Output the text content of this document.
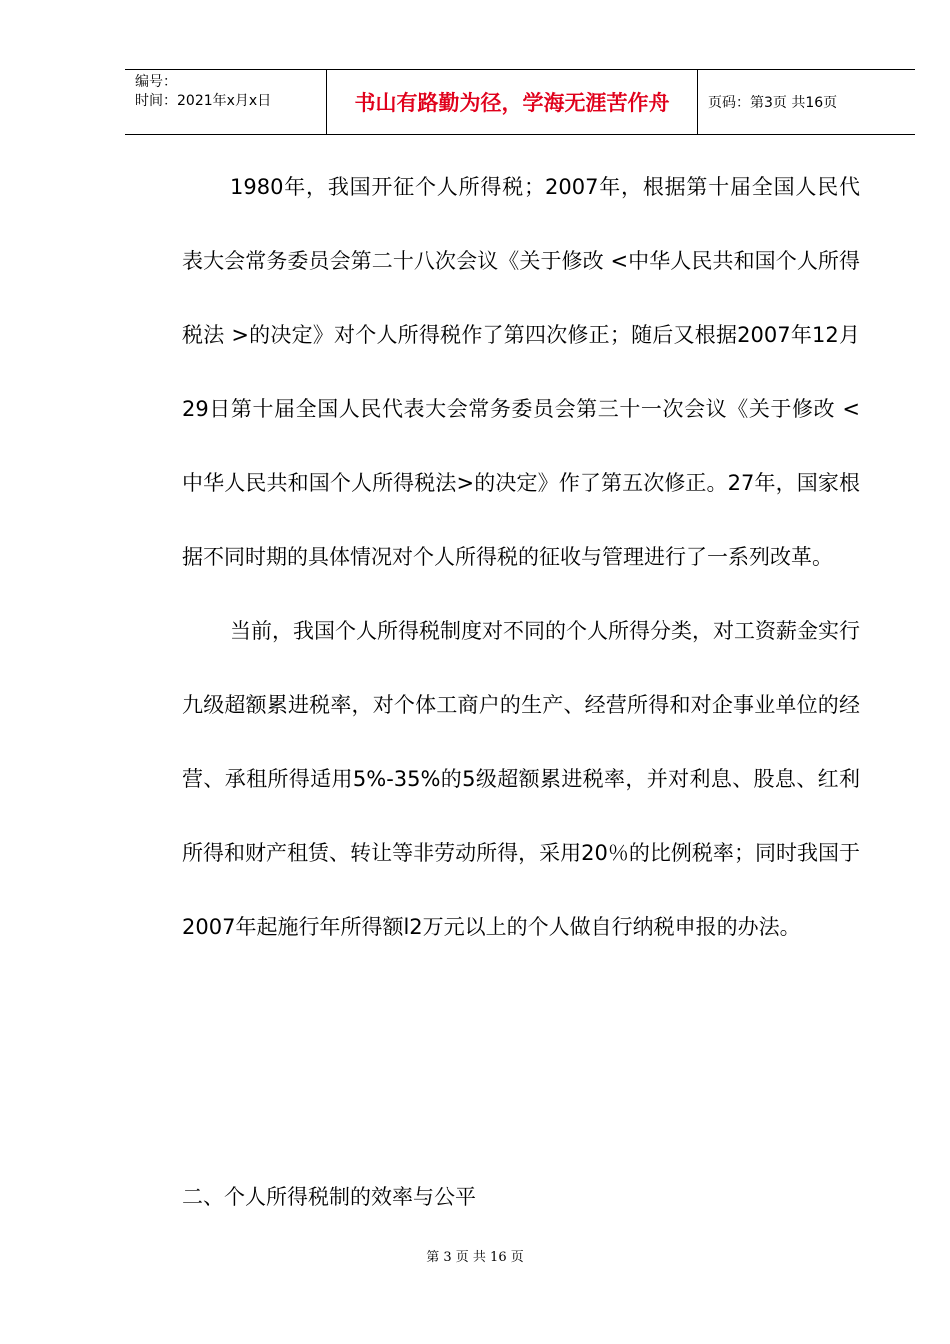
编号：
时间：2021年x月x日	书山有路勤为径，学海无涯苦作舟	页码：第3页 共16页

1980年，我国开征个人所得税；2007年，根据第十届全国人民代表大会常务委员会第二十八次会议《关于修改 <中华人民共和国个人所得税法 >的决定》对个人所得税作了第四次修正；随后又根据2007年12月29日第十届全国人民代表大会常务委员会第三十一次会议《关于修改 <中华人民共和国个人所得税法>的决定》作了第五次修正。27年，国家根据不同时期的具体情况对个人所得税的征收与管理进行了一系列改革。

当前，我国个人所得税制度对不同的个人所得分类，对工资薪金实行九级超额累进税率，对个体工商户的生产、经营所得和对企事业单位的经营、承租所得适用5%-35%的5级超额累进税率，并对利息、股息、红利所得和财产租赁、转让等非劳动所得，采用20％的比例税率；同时我国于2007年起施行年所得额l2万元以上的个人做自行纳税申报的办法。

二、个人所得税制的效率与公平
第 3 页 共 16 页
